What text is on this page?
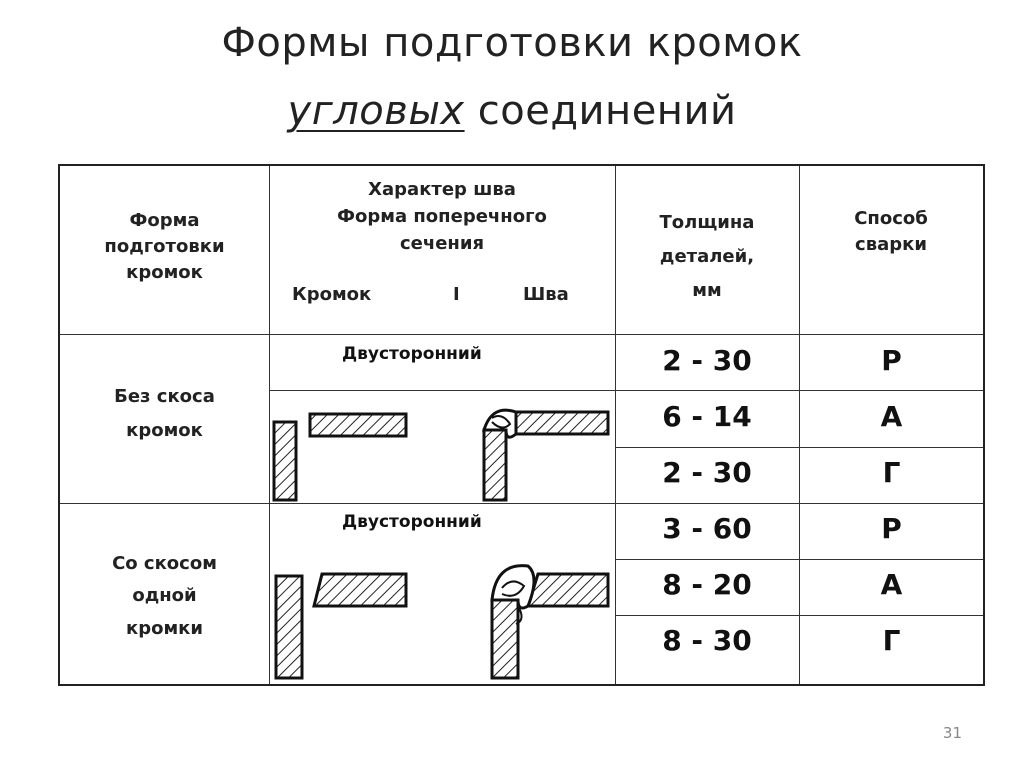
Формы подготовки кромок
угловых соединений
Форма
подготовки
кромок
Характер шва
Форма поперечного
сечения
Кромок	I	Шва
Толщина
деталей,
мм
Способ
сварки
Без скоса
кромок
Со скосом
одной
кромки
Двусторонний
Двусторонний
2 - 30
6 - 14
2 - 30
3 - 60
8 - 20
8 - 30
Р
А
Г
Р
А
Г
31
